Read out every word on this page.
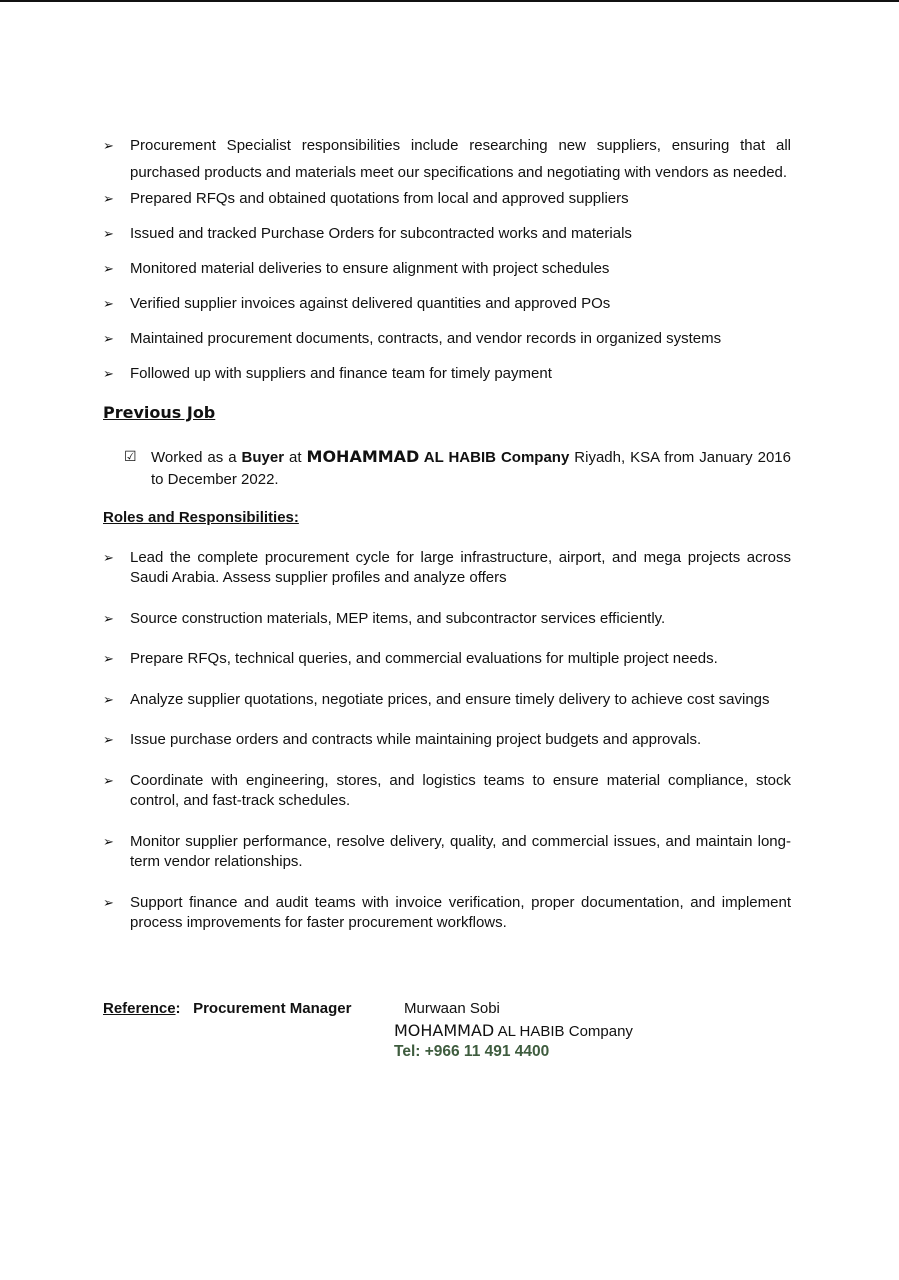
➢	Procurement Specialist responsibilities include researching new suppliers, ensuring that all purchased products and materials meet our specifications and negotiating with vendors as needed.
➢	Prepared RFQs and obtained quotations from local and approved suppliers
➢	Issued and tracked Purchase Orders for subcontracted works and materials
➢	Monitored material deliveries to ensure alignment with project schedules
➢	Verified supplier invoices against delivered quantities and approved POs
➢	Maintained procurement documents, contracts, and vendor records in organized systems
➢	Followed up with suppliers and finance team for timely payment
Previous Job
☑ Worked as a Buyer at MOHAMMAD AL HABIB Company Riyadh, KSA from January 2016 to December 2022.
Roles and Responsibilities:
➢	Lead the complete procurement cycle for large infrastructure, airport, and mega projects across Saudi Arabia. Assess supplier profiles and analyze offers
➢	Source construction materials, MEP items, and subcontractor services efficiently.
➢	Prepare RFQs, technical queries, and commercial evaluations for multiple project needs.
➢	Analyze supplier quotations, negotiate prices, and ensure timely delivery to achieve cost savings
➢	Issue purchase orders and contracts while maintaining project budgets and approvals.
➢	Coordinate with engineering, stores, and logistics teams to ensure material compliance, stock control, and fast-track schedules.
➢	Monitor supplier performance, resolve delivery, quality, and commercial issues, and maintain long-term vendor relationships.
➢	Support finance and audit teams with invoice verification, proper documentation, and implement process improvements for faster procurement workflows.
Reference: Procurement Manager	Murwaan Sobi
MOHAMMAD AL HABIB Company
Tel: +966 11 491 4400
